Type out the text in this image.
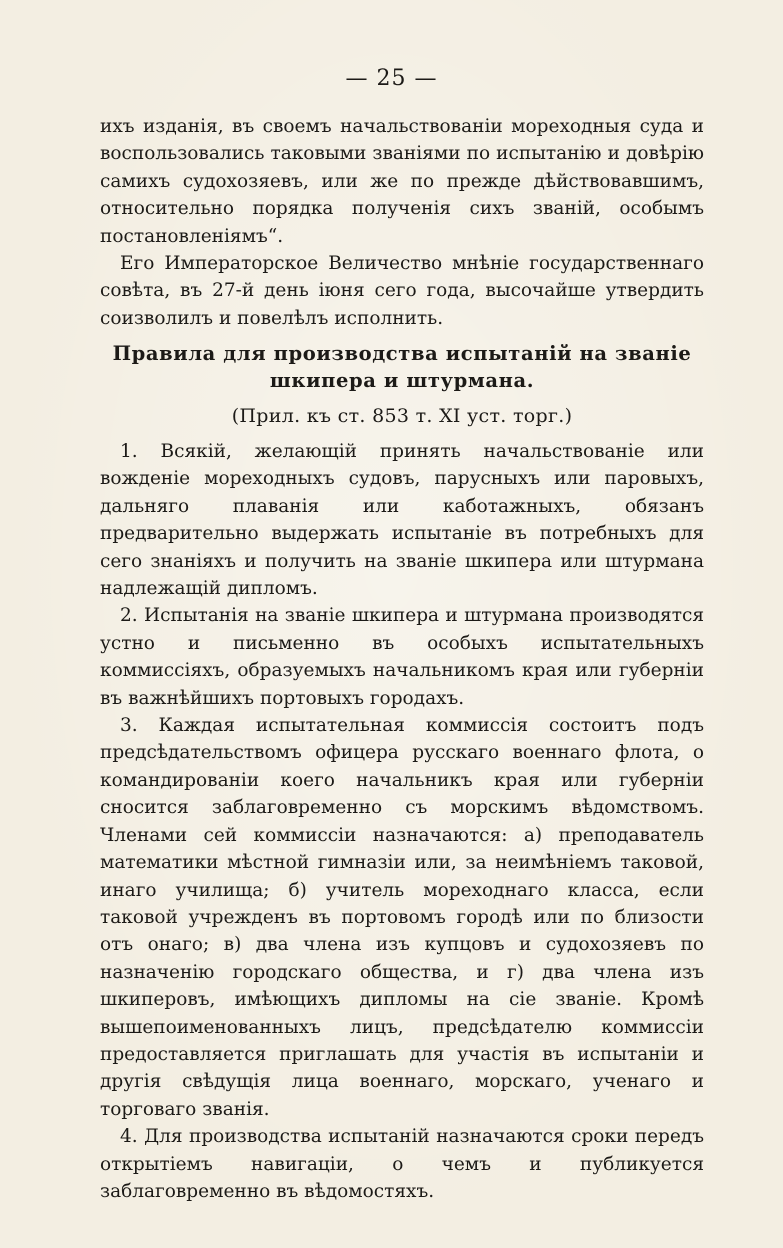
— 25 —

ихъ изданія, въ своемъ начальствованіи мореходныя суда и воспользовались таковыми званіями по испытанію и довѣрію самихъ судохозяевъ, или же по прежде дѣйствовавшимъ, относительно порядка полученія сихъ званій, особымъ постановленіямъ“.

Его Императорское Величество мнѣніе государственнаго совѣта, въ 27-й день іюня сего года, высочайше утвердить соизволилъ и повелѣлъ исполнить.

Правила для производства испытаній на званіе шкипера и штурмана.
(Прил. къ ст. 853 т. XI уст. торг.)

1. Всякій, желающій принять начальствованіе или вожденіе мореходныхъ судовъ, парусныхъ или паровыхъ, дальняго плаванія или каботажныхъ, обязанъ предварительно выдержать испытаніе въ потребныхъ для сего знаніяхъ и получить на званіе шкипера или штурмана надлежащій дипломъ.

2. Испытанія на званіе шкипера и штурмана производятся устно и письменно въ особыхъ испытательныхъ коммиссіяхъ, образуемыхъ начальникомъ края или губерніи въ важнѣйшихъ портовыхъ городахъ.

3. Каждая испытательная коммиссія состоитъ подъ предсѣдательствомъ офицера русскаго военнаго флота, о командированіи коего начальникъ края или губерніи сносится заблаговременно съ морскимъ вѣдомствомъ. Членами сей коммиссіи назначаются: а) преподаватель математики мѣстной гимназіи или, за неимѣніемъ таковой, инаго училища; б) учитель мореходнаго класса, если таковой учрежденъ въ портовомъ городѣ или по близости отъ онаго; в) два члена изъ купцовъ и судохозяевъ по назначенію городскаго общества, и г) два члена изъ шкиперовъ, имѣющихъ дипломы на сіе званіе. Кромѣ вышепоименованныхъ лицъ, предсѣдателю коммиссіи предоставляется приглашать для участія въ испытаніи и другія свѣдущія лица военнаго, морскаго, ученаго и торговаго званія.

4. Для производства испытаній назначаются сроки передъ открытіемъ навигаціи, о чемъ и публикуется заблаговременно въ вѣдомостяхъ.
